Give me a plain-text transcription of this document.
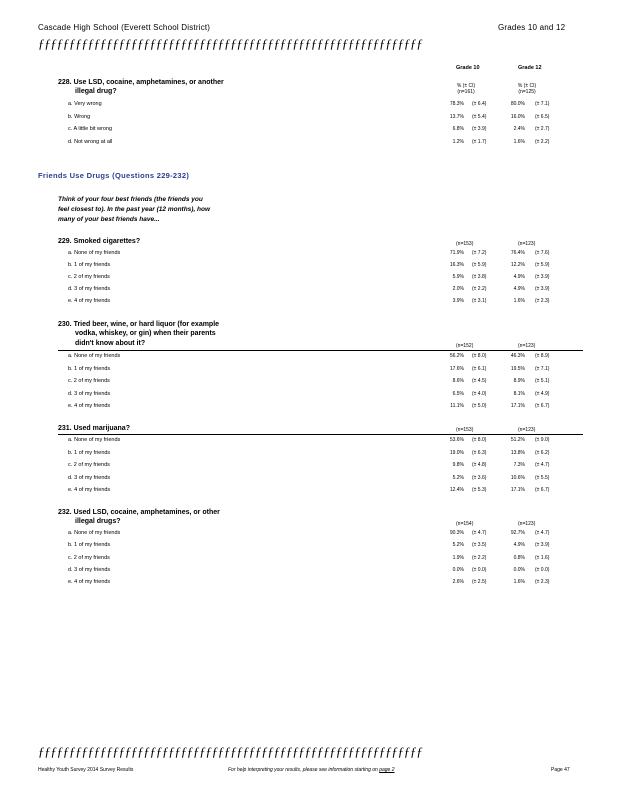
Cascade High School (Everett School District)	Grades 10 and 12
ƒƒƒƒƒƒƒƒƒƒƒƒƒƒƒƒƒƒƒƒƒƒƒƒƒƒƒƒƒƒƒƒƒƒƒƒƒƒƒƒƒƒƒƒƒƒƒƒƒƒƒƒƒƒƒƒƒƒƒƒƒƒ
Grade 10	Grade 12
% (± CI)
(n=161)
% (± CI)
(n=125)
228. Use LSD, cocaine, amphetamines, or another
illegal drug?
a. Very wrong	78.3% (± 6.4)	80.0% (± 7.1)
b. Wrong	13.7% (± 5.4)	16.0% (± 6.5)
c. A little bit wrong	6.8% (± 3.9)	2.4% (± 2.7)
d. Not wrong at all	1.2% (± 1.7)	1.6% (± 2.2)
Friends Use Drugs (Questions 229-232)
Think of your four best friends (the friends you
feel closest to). In the past year (12 months), how
many of your best friends have...
229. Smoked cigarettes?	(n=153)	(n=123)
a. None of my friends	71.9% (± 7.2)	76.4% (± 7.6)
b. 1 of my friends	16.3% (± 5.9)	12.2% (± 5.9)
c. 2 of my friends	5.9% (± 3.8)	4.9% (± 3.9)
d. 3 of my friends	2.0% (± 2.2)	4.9% (± 3.9)
e. 4 of my friends	3.9% (± 3.1)	1.6% (± 2.3)
230. Tried beer, wine, or hard liquor (for example
vodka, whiskey, or gin) when their parents
didn't know about it?	(n=152)	(n=123)
a. None of my friends	56.2% (± 8.0)	46.3% (± 8.9)
b. 1 of my friends	17.6% (± 6.1)	19.5% (± 7.1)
c. 2 of my friends	8.6% (± 4.5)	8.9% (± 5.1)
d. 3 of my friends	6.5% (± 4.0)	8.1% (± 4.9)
e. 4 of my friends	11.1% (± 5.0)	17.1% (± 6.7)
231. Used marijuana?	(n=153)	(n=123)
a. None of my friends	53.6% (± 8.0)	51.2% (± 9.0)
b. 1 of my friends	19.0% (± 6.3)	13.8% (± 6.2)
c. 2 of my friends	9.8% (± 4.8)	7.3% (± 4.7)
d. 3 of my friends	5.2% (± 3.6)	10.6% (± 5.5)
e. 4 of my friends	12.4% (± 5.3)	17.1% (± 6.7)
232. Used LSD, cocaine, amphetamines, or other
illegal drugs?	(n=154)	(n=123)
a. None of my friends	90.3% (± 4.7)	92.7% (± 4.7)
b. 1 of my friends	5.2% (± 3.5)	4.9% (± 3.9)
c. 2 of my friends	1.9% (± 2.2)	0.8% (± 1.6)
d. 3 of my friends	0.0% (± 0.0)	0.0% (± 0.0)
e. 4 of my friends	2.6% (± 2.5)	1.6% (± 2.3)
ƒƒƒƒƒƒƒƒƒƒƒƒƒƒƒƒƒƒƒƒƒƒƒƒƒƒƒƒƒƒƒƒƒƒƒƒƒƒƒƒƒƒƒƒƒƒƒƒƒƒƒƒƒƒƒƒƒƒƒƒƒƒ
Healthy Youth Survey 2014 Survey Results	For help interpreting your results, please see information starting on page 2	Page 47
